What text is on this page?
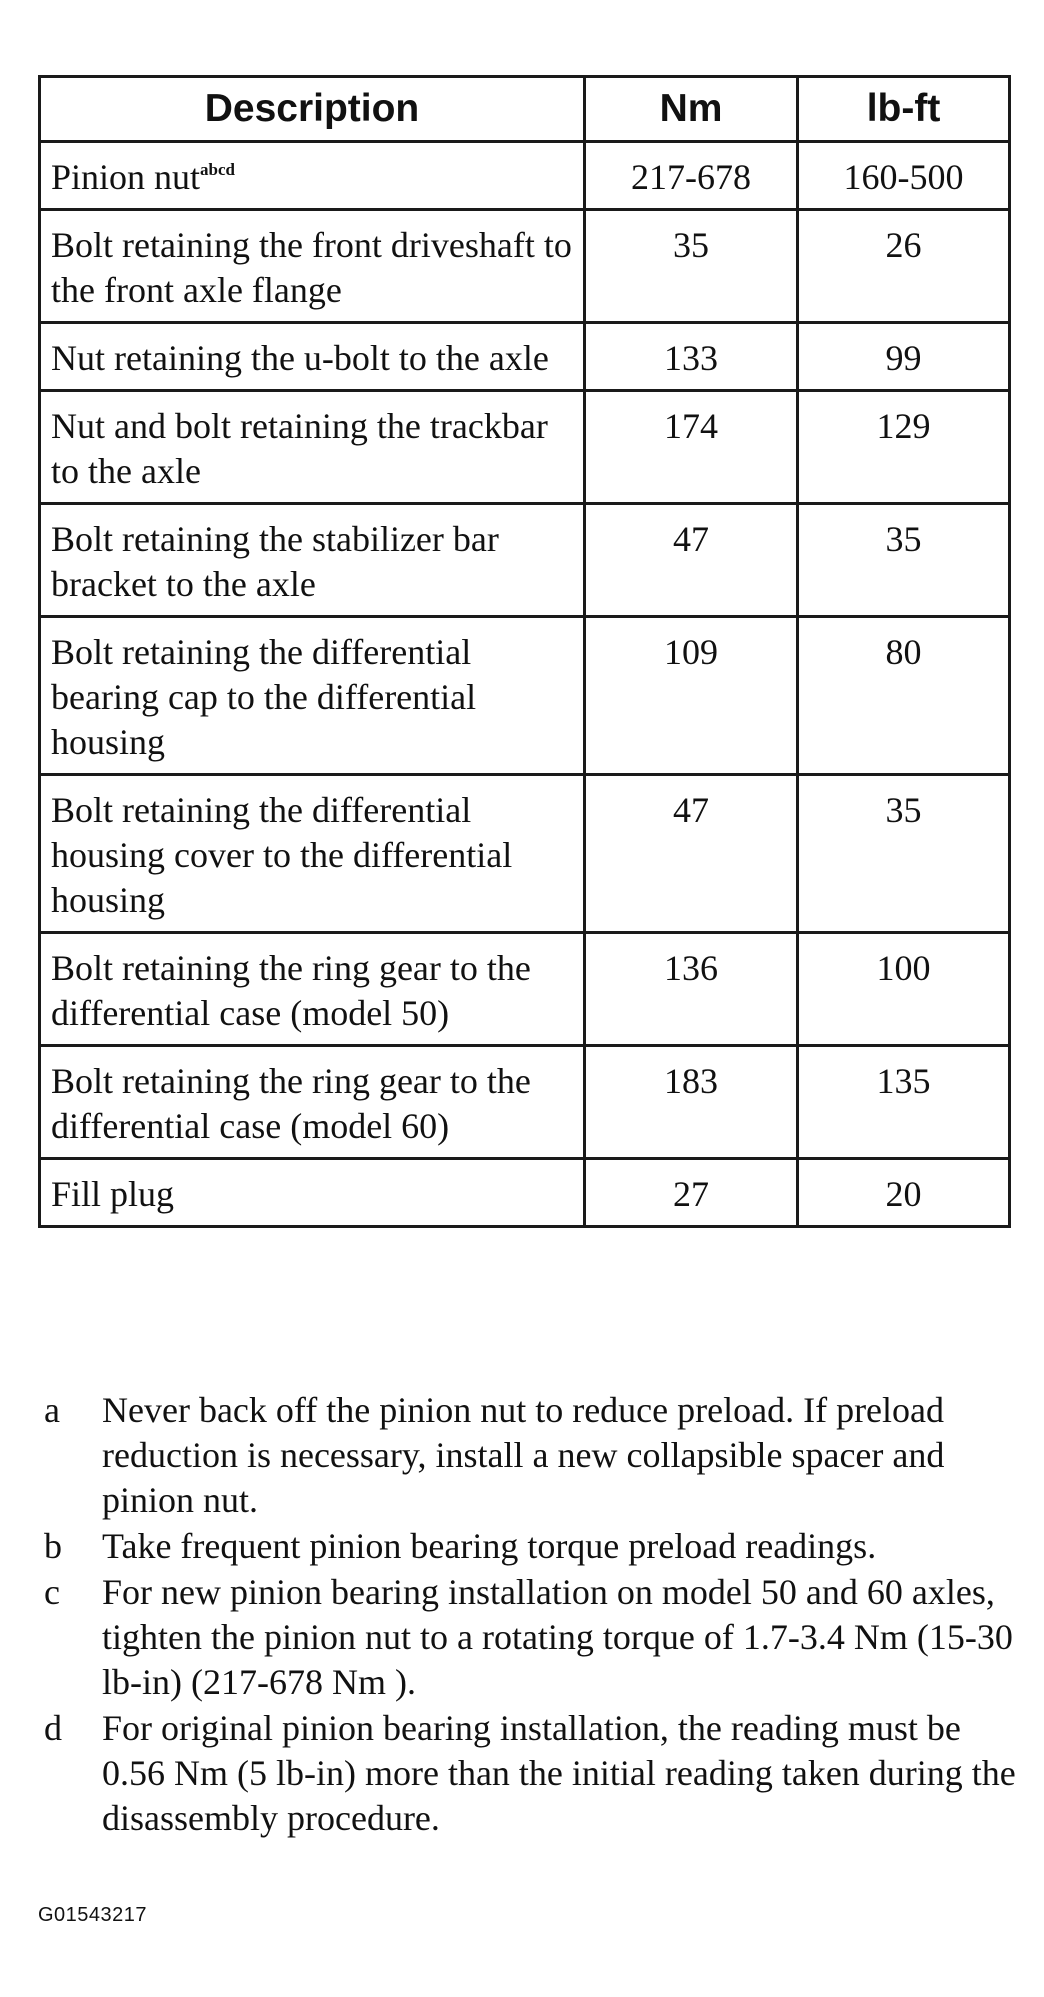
Description	Nm	lb-ft
Pinion nut$^{abcd}$	217-678	160-500
Bolt retaining the front driveshaft to the front axle flange	35	26
Nut retaining the u-bolt to the axle	133	99
Nut and bolt retaining the trackbar to the axle	174	129
Bolt retaining the stabilizer bar bracket to the axle	47	35
Bolt retaining the differential bearing cap to the differential housing	109	80
Bolt retaining the differential housing cover to the differential housing	47	35
Bolt retaining the ring gear to the differential case (model 50)	136	100
Bolt retaining the ring gear to the differential case (model 60)	183	135
Fill plug	27	20
a	Never back off the pinion nut to reduce preload. If preload reduction is necessary, install a new collapsible spacer and pinion nut.
b	Take frequent pinion bearing torque preload readings.
c	For new pinion bearing installation on model 50 and 60 axles, tighten the pinion nut to a rotating torque of 1.7-3.4 Nm (15-30 lb-in) (217-678 Nm ).
d	For original pinion bearing installation, the reading must be 0.56 Nm (5 lb-in) more than the initial reading taken during the disassembly procedure.
G01543217
